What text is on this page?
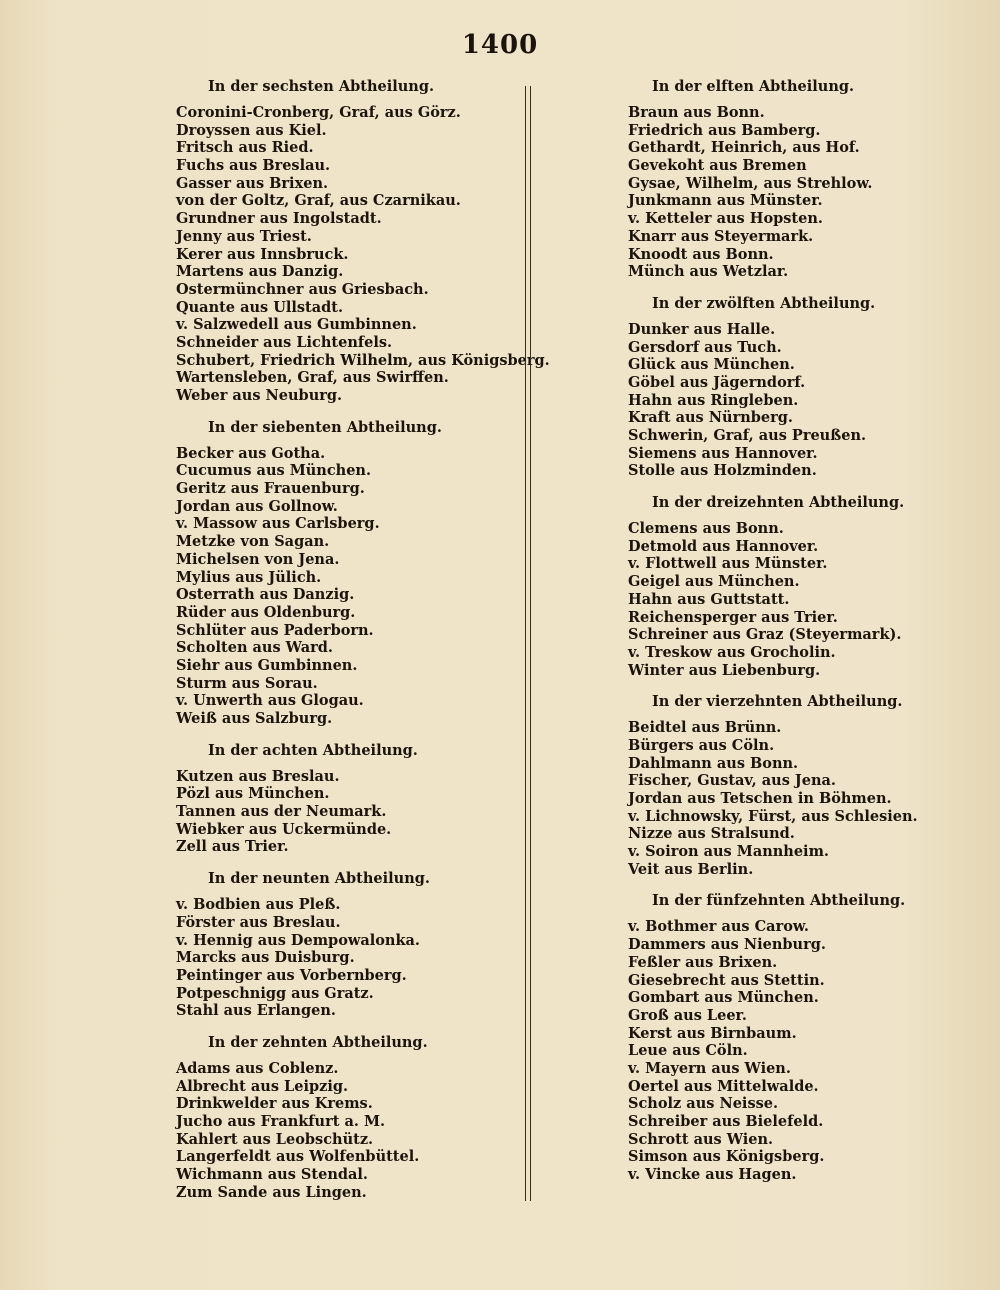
1400
In der sechsten Abtheilung.
Coronini-Cronberg, Graf, aus Görz.
Droyssen aus Kiel.
Fritsch aus Ried.
Fuchs aus Breslau.
Gasser aus Brixen.
von der Goltz, Graf, aus Czarnikau.
Grundner aus Ingolstadt.
Jenny aus Triest.
Kerer aus Innsbruck.
Martens aus Danzig.
Ostermünchner aus Griesbach.
Quante aus Ullstadt.
v. Salzwedell aus Gumbinnen.
Schneider aus Lichtenfels.
Schubert, Friedrich Wilhelm, aus Königsberg.
Wartensleben, Graf, aus Swirffen.
Weber aus Neuburg.
In der siebenten Abtheilung.
Becker aus Gotha.
Cucumus aus München.
Geritz aus Frauenburg.
Jordan aus Gollnow.
v. Massow aus Carlsberg.
Metzke von Sagan.
Michelsen von Jena.
Mylius aus Jülich.
Osterrath aus Danzig.
Rüder aus Oldenburg.
Schlüter aus Paderborn.
Scholten aus Ward.
Siehr aus Gumbinnen.
Sturm aus Sorau.
v. Unwerth aus Glogau.
Weiß aus Salzburg.
In der achten Abtheilung.
Kutzen aus Breslau.
Pözl aus München.
Tannen aus der Neumark.
Wiebker aus Uckermünde.
Zell aus Trier.
In der neunten Abtheilung.
v. Bodbien aus Pleß.
Förster aus Breslau.
v. Hennig aus Dempowalonka.
Marcks aus Duisburg.
Peintinger aus Vorbernberg.
Potpeschnigg aus Gratz.
Stahl aus Erlangen.
In der zehnten Abtheilung.
Adams aus Coblenz.
Albrecht aus Leipzig.
Drinkwelder aus Krems.
Jucho aus Frankfurt a. M.
Kahlert aus Leobschütz.
Langerfeldt aus Wolfenbüttel.
Wichmann aus Stendal.
Zum Sande aus Lingen.
In der elften Abtheilung.
Braun aus Bonn.
Friedrich aus Bamberg.
Gethardt, Heinrich, aus Hof.
Gevekoht aus Bremen
Gysae, Wilhelm, aus Strehlow.
Junkmann aus Münster.
v. Ketteler aus Hopsten.
Knarr aus Steyermark.
Knoodt aus Bonn.
Münch aus Wetzlar.
In der zwölften Abtheilung.
Dunker aus Halle.
Gersdorf aus Tuch.
Glück aus München.
Göbel aus Jägerndorf.
Hahn aus Ringleben.
Kraft aus Nürnberg.
Schwerin, Graf, aus Preußen.
Siemens aus Hannover.
Stolle aus Holzminden.
In der dreizehnten Abtheilung.
Clemens aus Bonn.
Detmold aus Hannover.
v. Flottwell aus Münster.
Geigel aus München.
Hahn aus Guttstatt.
Reichensperger aus Trier.
Schreiner aus Graz (Steyermark).
v. Treskow aus Grocholin.
Winter aus Liebenburg.
In der vierzehnten Abtheilung.
Beidtel aus Brünn.
Bürgers aus Cöln.
Dahlmann aus Bonn.
Fischer, Gustav, aus Jena.
Jordan aus Tetschen in Böhmen.
v. Lichnowsky, Fürst, aus Schlesien.
Nizze aus Stralsund.
v. Soiron aus Mannheim.
Veit aus Berlin.
In der fünfzehnten Abtheilung.
v. Bothmer aus Carow.
Dammers aus Nienburg.
Feßler aus Brixen.
Giesebrecht aus Stettin.
Gombart aus München.
Groß aus Leer.
Kerst aus Birnbaum.
Leue aus Cöln.
v. Mayern aus Wien.
Oertel aus Mittelwalde.
Scholz aus Neisse.
Schreiber aus Bielefeld.
Schrott aus Wien.
Simson aus Königsberg.
v. Vincke aus Hagen.
